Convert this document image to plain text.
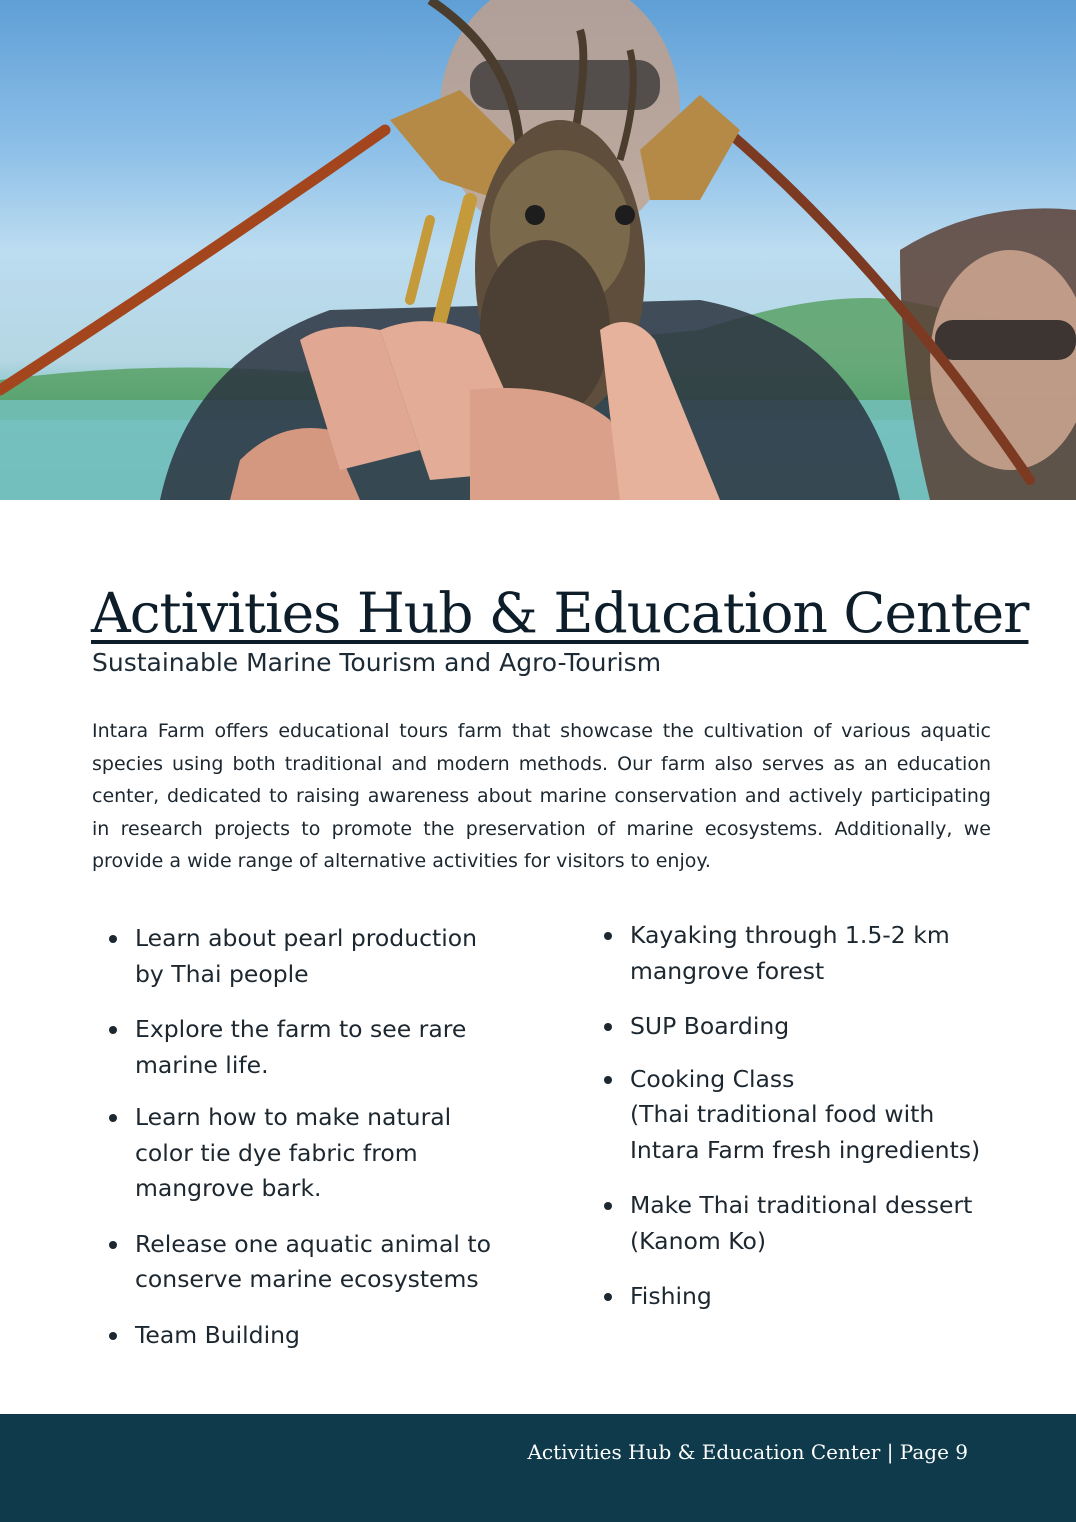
Activities Hub & Education Center

Sustainable Marine Tourism and Agro-Tourism

Intara Farm offers educational tours farm that showcase the cultivation of various aquatic species using both traditional and modern methods. Our farm also serves as an education center, dedicated to raising awareness about marine conservation and actively participating in research projects to promote the preservation of marine ecosystems. Additionally, we provide a wide range of alternative activities for visitors to enjoy.

Learn about pearl production
by Thai people
Explore the farm to see rare
marine life.
Learn how to make natural
color tie dye fabric from
mangrove bark.
Release one aquatic animal to
conserve marine ecosystems
Team Building
Kayaking through 1.5-2 km
mangrove forest
SUP Boarding
Cooking Class
(Thai traditional food with
Intara Farm fresh ingredients)
Make Thai traditional dessert
(Kanom Ko)
Fishing
Activities Hub & Education Center | Page 9
